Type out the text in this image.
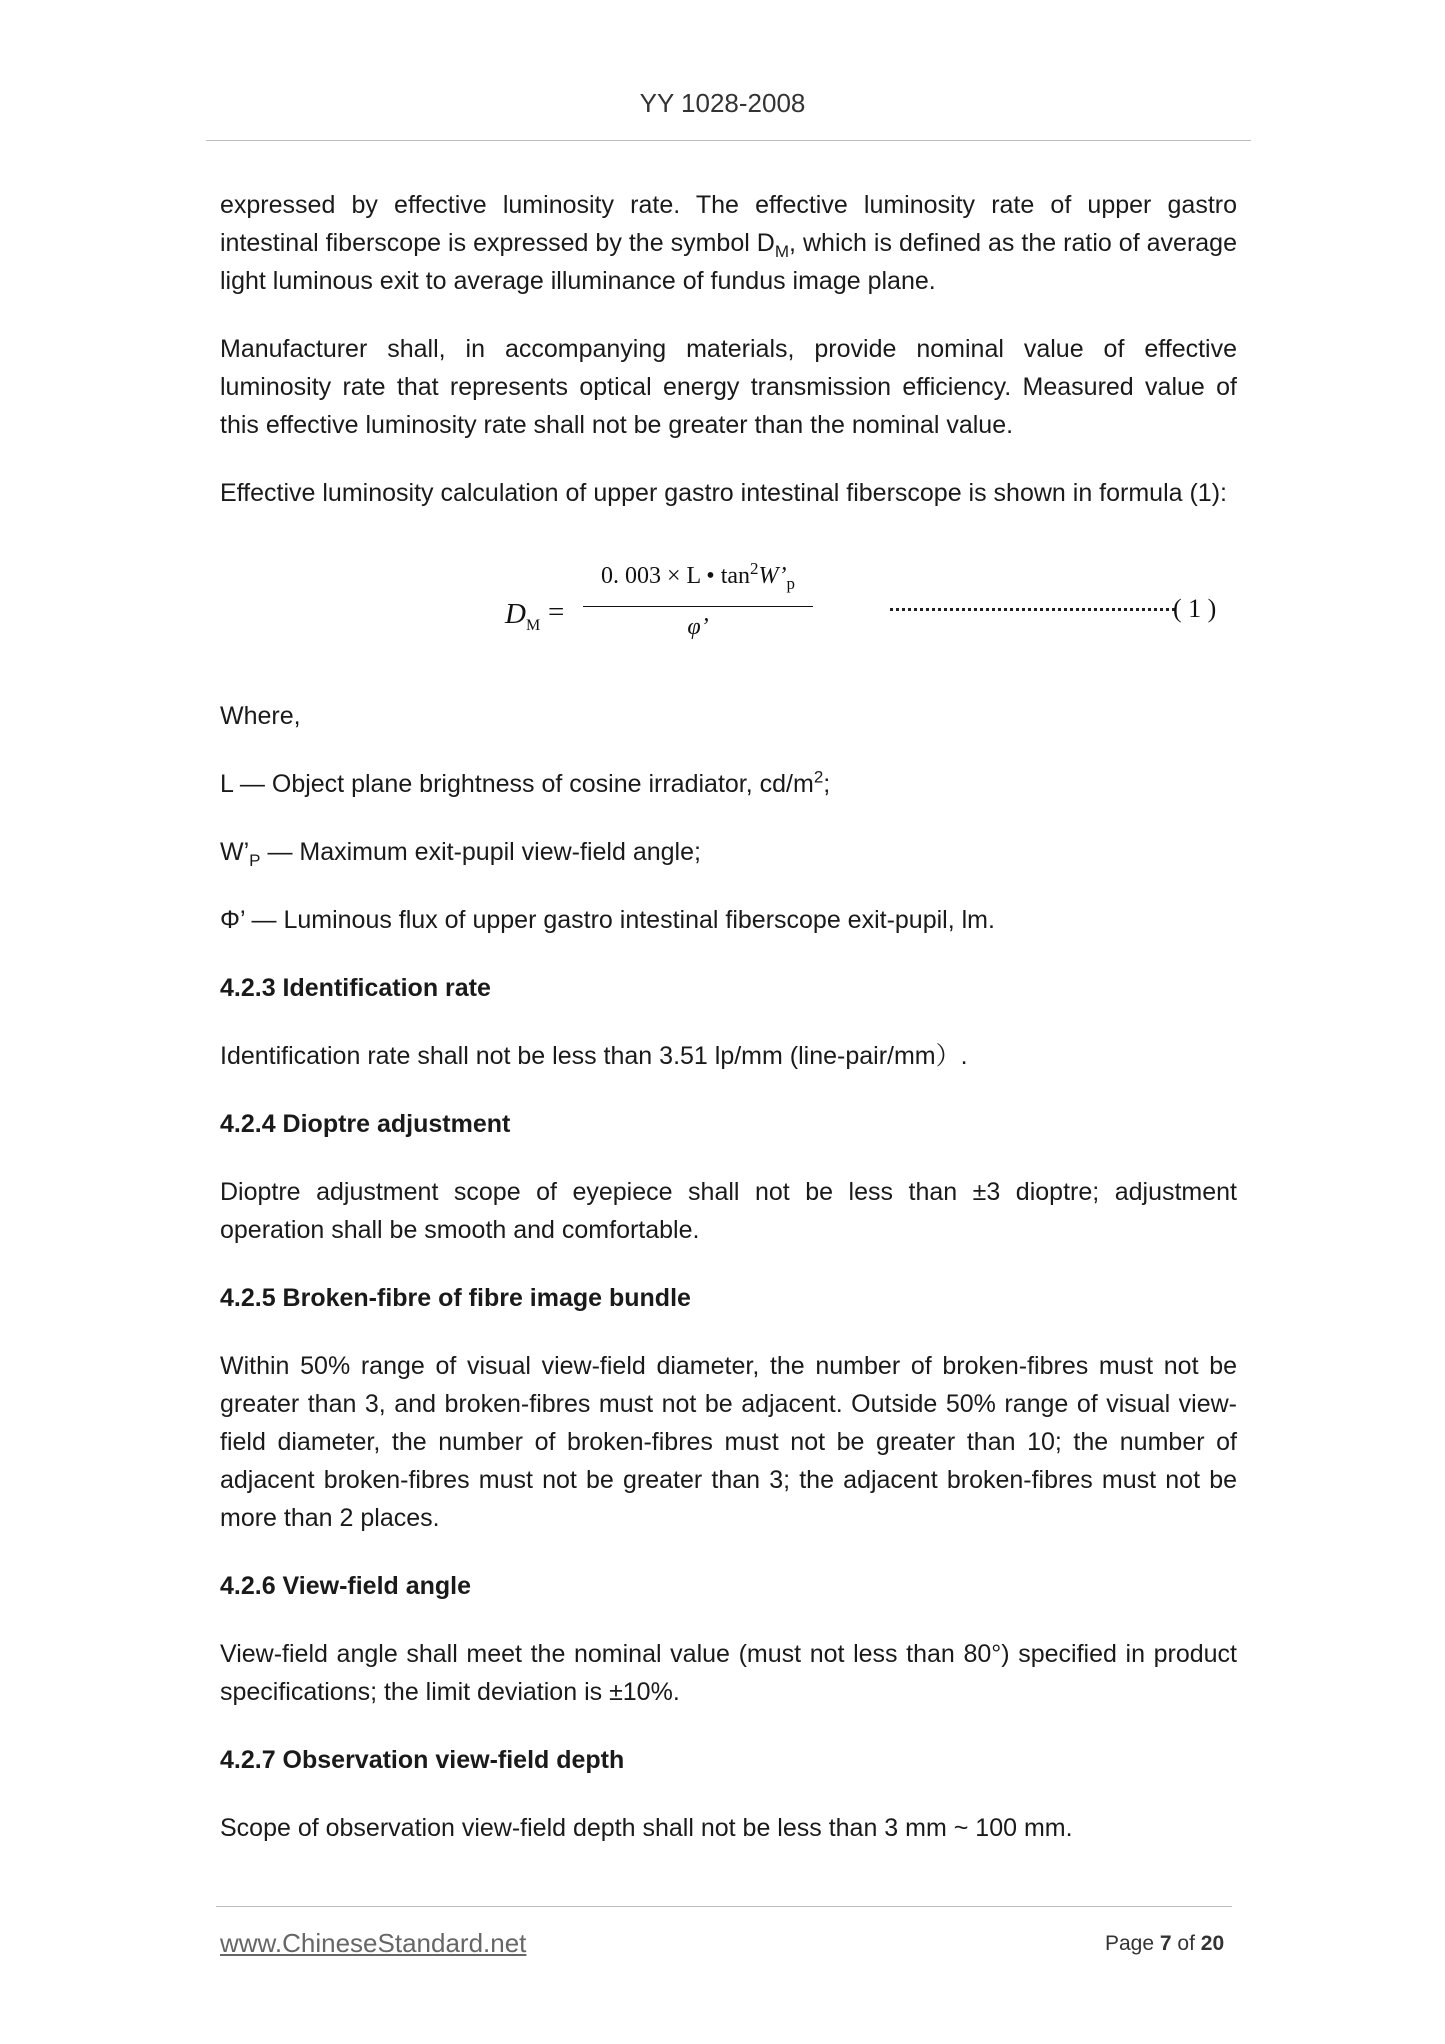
YY 1028-2008

expressed by effective luminosity rate. The effective luminosity rate of upper gastro intestinal fiberscope is expressed by the symbol $D_M$, which is defined as the ratio of average light luminous exit to average illuminance of fundus image plane.

Manufacturer shall, in accompanying materials, provide nominal value of effective luminosity rate that represents optical energy transmission efficiency. Measured value of this effective luminosity rate shall not be greater than the nominal value.

Effective luminosity calculation of upper gastro intestinal fiberscope is shown in formula (1):

$D_M$ =
0. 003 × L • $\tan^2W’_p$
φ’
( 1 )

Where,

L — Object plane brightness of cosine irradiator, $cd/m^2$;

$W’_P$ — Maximum exit-pupil view-field angle;

Φ’ — Luminous flux of upper gastro intestinal fiberscope exit-pupil, lm.

4.2.3 Identification rate

Identification rate shall not be less than 3.51 lp/mm (line-pair/mm）.

4.2.4 Dioptre adjustment

Dioptre adjustment scope of eyepiece shall not be less than ±3 dioptre; adjustment operation shall be smooth and comfortable.

4.2.5 Broken-fibre of fibre image bundle

Within 50% range of visual view-field diameter, the number of broken-fibres must not be greater than 3, and broken-fibres must not be adjacent. Outside 50% range of visual view-field diameter, the number of broken-fibres must not be greater than 10; the number of adjacent broken-fibres must not be greater than 3; the adjacent broken-fibres must not be more than 2 places.

4.2.6 View-field angle

View-field angle shall meet the nominal value (must not less than 80°) specified in product specifications; the limit deviation is ±10%.

4.2.7 Observation view-field depth

Scope of observation view-field depth shall not be less than 3 mm ~ 100 mm.

www.ChineseStandard.net	Page 7 of 20
